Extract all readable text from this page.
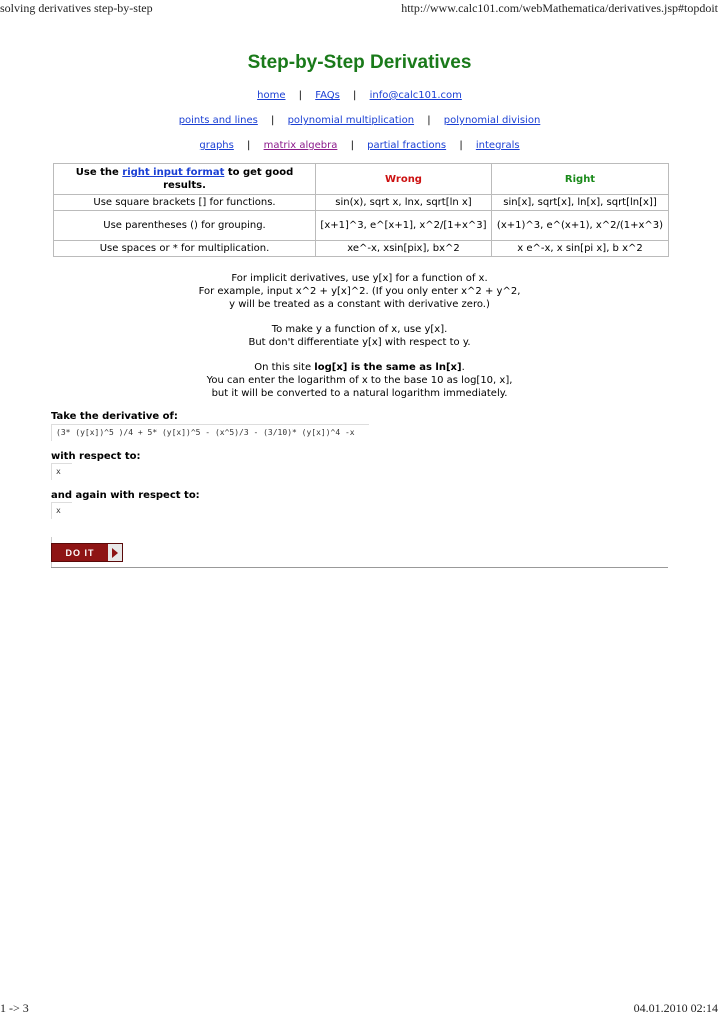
solving derivatives step-by-step	http://www.calc101.com/webMathematica/derivatives.jsp#topdoit
Step-by-Step Derivatives
home | FAQs | info@calc101.com
points and lines | polynomial multiplication | polynomial division
graphs | matrix algebra | partial fractions | integrals
Use the right input format to get good results.	Wrong	Right
Use square brackets [] for functions.	sin(x), sqrt x, lnx, sqrt[ln x]	sin[x], sqrt[x], ln[x], sqrt[ln[x]]
Use parentheses () for grouping.	[x+1]^3, e^[x+1], x^2/[1+x^3]	(x+1)^3, e^(x+1), x^2/(1+x^3)
Use spaces or * for multiplication.	xe^-x, xsin[pix], bx^2	x e^-x, x sin[pi x], b x^2
For implicit derivatives, use y[x] for a function of x.
For example, input x^2 + y[x]^2. (If you only enter x^2 + y^2,
y will be treated as a constant with derivative zero.)
To make y a function of x, use y[x].
But don't differentiate y[x] with respect to y.
On this site log[x] is the same as ln[x].
You can enter the logarithm of x to the base 10 as log[10, x],
but it will be converted to a natural logarithm immediately.
Take the derivative of:
(3* (y[x])^5 )/4 + 5* (y[x])^5 - (x^5)/3 - (3/10)* (y[x])^4 -x
with respect to:
x
and again with respect to:
x
DO IT
1 -> 3	04.01.2010 02:14
